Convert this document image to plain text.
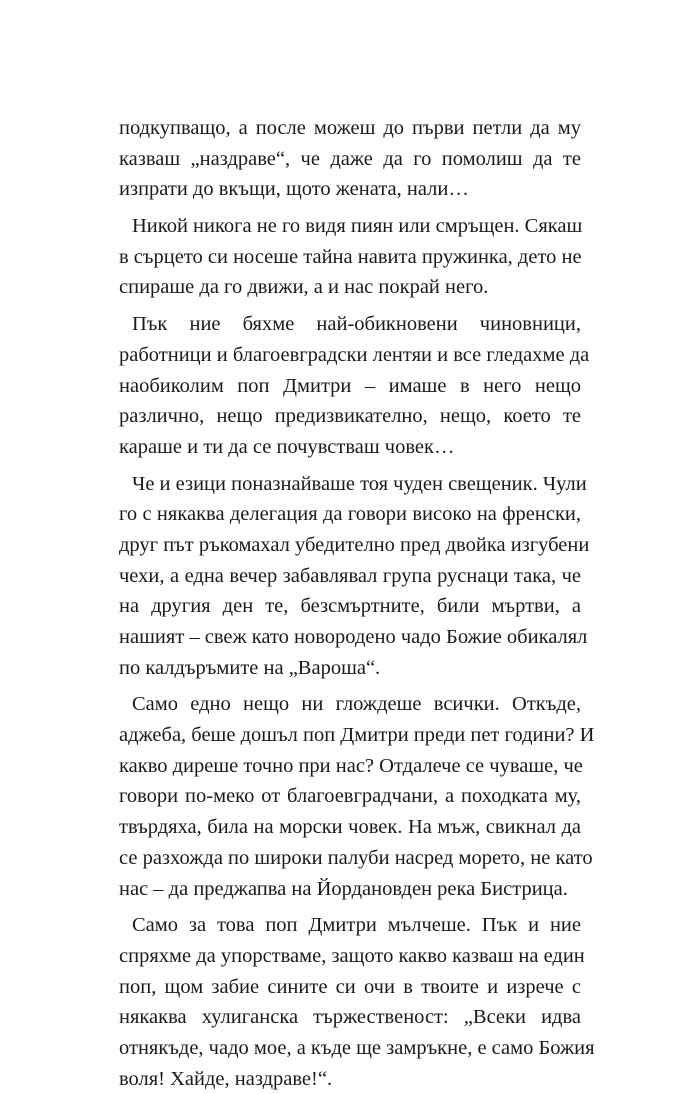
подкупващо, а после можеш до първи петли да му
казваш „наздраве“, че даже да го помолиш да те
изпрати до вкъщи, щото жената, нали…
Никой никога не го видя пиян или смръщен. Сякаш
в сърцето си носеше тайна навита пружинка, дето не
спираше да го движи, а и нас покрай него.
Пък ние бяхме най-обикновени чиновници,
работници и благоевградски лентяи и все гледахме да
наобиколим поп Дмитри – имаше в него нещо
различно, нещо предизвикателно, нещо, което те
караше и ти да се почувстваш човек…
Че и езици поназнайваше тоя чуден свещеник. Чули
го с някаква делегация да говори високо на френски,
друг път ръкомахал убедително пред двойка изгубени
чехи, а една вечер забавлявал група руснаци така, че
на другия ден те, безсмъртните, били мъртви, а
нашият – свеж като новородено чадо Божие обикалял
по калдъръмите на „Вароша“.
Само едно нещо ни глождеше всички. Откъде,
аджеба, беше дошъл поп Дмитри преди пет години? И
какво диреше точно при нас? Отдалече се чуваше, че
говори по-меко от благоевградчани, а походката му,
твърдяха, била на морски човек. На мъж, свикнал да
се разхожда по широки палуби насред морето, не като
нас – да преджапва на Йордановден река Бистрица.
Само за това поп Дмитри мълчеше. Пък и ние
спряхме да упорстваме, защото какво казваш на един
поп, щом забие сините си очи в твоите и изрече с
някаква хулиганска тържественост: „Всеки идва
отнякъде, чадо мое, а къде ще замръкне, е само Божия
воля! Хайде, наздраве!“.
